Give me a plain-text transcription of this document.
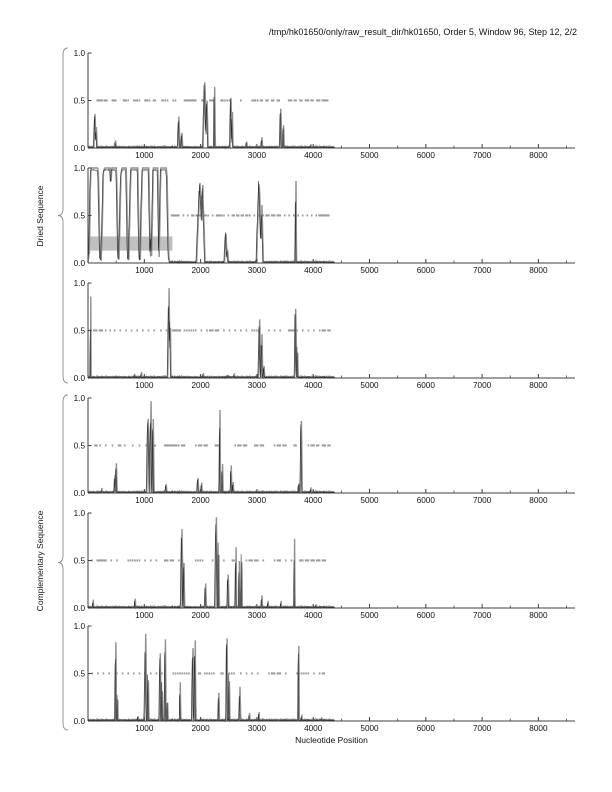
/tmp/hk01650/only/raw_result_dir/hk01650, Order 5, Window 96, Step 12, 2/2
Dried Sequence
Complementary Sequence
0.0
0.5
1.0
1000	2000	3000	4000	5000	6000	7000	8000
0.0
0.5
1.0
1000	2000	3000	4000	5000	6000	7000	8000
0.0
0.5
1.0
1000	2000	3000	4000	5000	6000	7000	8000
0.0
0.5
1.0
1000	2000	3000	4000	5000	6000	7000	8000
0.0
0.5
1.0
1000	2000	3000	4000	5000	6000	7000	8000
0.0
0.5
1.0
1000	2000	3000	4000	5000	6000	7000	8000
Nucleotide Position
